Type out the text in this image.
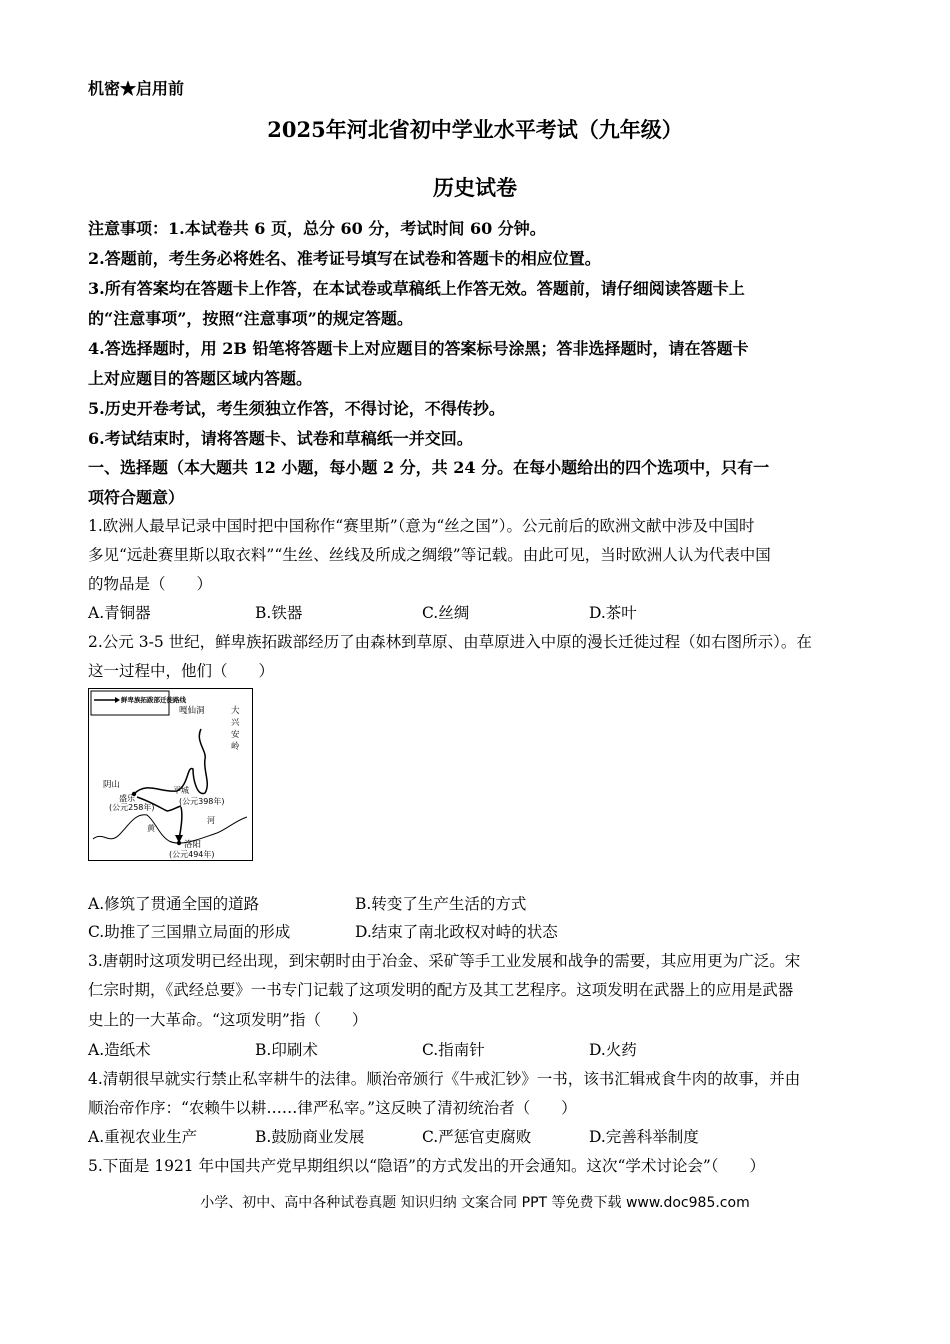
机密★启用前
2025年河北省初中学业水平考试（九年级）
历史试卷
注意事项：1.本试卷共 6 页，总分 60 分，考试时间 60 分钟。
2.答题前，考生务必将姓名、准考证号填写在试卷和答题卡的相应位置。
3.所有答案均在答题卡上作答，在本试卷或草稿纸上作答无效。答题前，请仔细阅读答题卡上
的“注意事项”，按照“注意事项”的规定答题。
4.答选择题时，用 2B 铅笔将答题卡上对应题目的答案标号涂黑；答非选择题时，请在答题卡
上对应题目的答题区域内答题。
5.历史开卷考试，考生须独立作答，不得讨论，不得传抄。
6.考试结束时，请将答题卡、试卷和草稿纸一并交回。
一、选择题（本大题共 12 小题，每小题 2 分，共 24 分。在每小题给出的四个选项中，只有一
项符合题意）
1.欧洲人最早记录中国时把中国称作“赛里斯”（意为“丝之国”）。公元前后的欧洲文献中涉及中国时
多见“远赴赛里斯以取衣料”“生丝、丝线及所成之绸缎”等记载。由此可见，当时欧洲人认为代表中国
的物品是（　　）
A.青铜器	B.铁器	C.丝绸	D.茶叶
2.公元 3-5 世纪，鲜卑族拓跋部经历了由森林到草原、由草原进入中原的漫长迁徙过程（如右图所示）。在
这一过程中，他们（　　）
鲜卑族拓跋部迁徙路线
嘎仙洞	大
兴
安
岭
阴山
盛乐
(公元258年)
平城
(公元398年)
河
黄
洛阳
(公元494年)
A.修筑了贯通全国的道路	B.转变了生产生活的方式
C.助推了三国鼎立局面的形成	D.结束了南北政权对峙的状态
3.唐朝时这项发明已经出现，到宋朝时由于冶金、采矿等手工业发展和战争的需要，其应用更为广泛。宋
仁宗时期，《武经总要》一书专门记载了这项发明的配方及其工艺程序。这项发明在武器上的应用是武器
史上的一大革命。“这项发明”指（　　）
A.造纸术	B.印刷术	C.指南针	D.火药
4.清朝很早就实行禁止私宰耕牛的法律。顺治帝颁行《牛戒汇钞》一书，该书汇辑戒食牛肉的故事，并由
顺治帝作序：“农赖牛以耕……律严私宰。”这反映了清初统治者（　　）
A.重视农业生产	B.鼓励商业发展	C.严惩官吏腐败	D.完善科举制度
5.下面是 1921 年中国共产党早期组织以“隐语”的方式发出的开会通知。这次“学术讨论会”（　　）
小学、初中、高中各种试卷真题 知识归纳 文案合同 PPT 等免费下载 www.doc985.com
